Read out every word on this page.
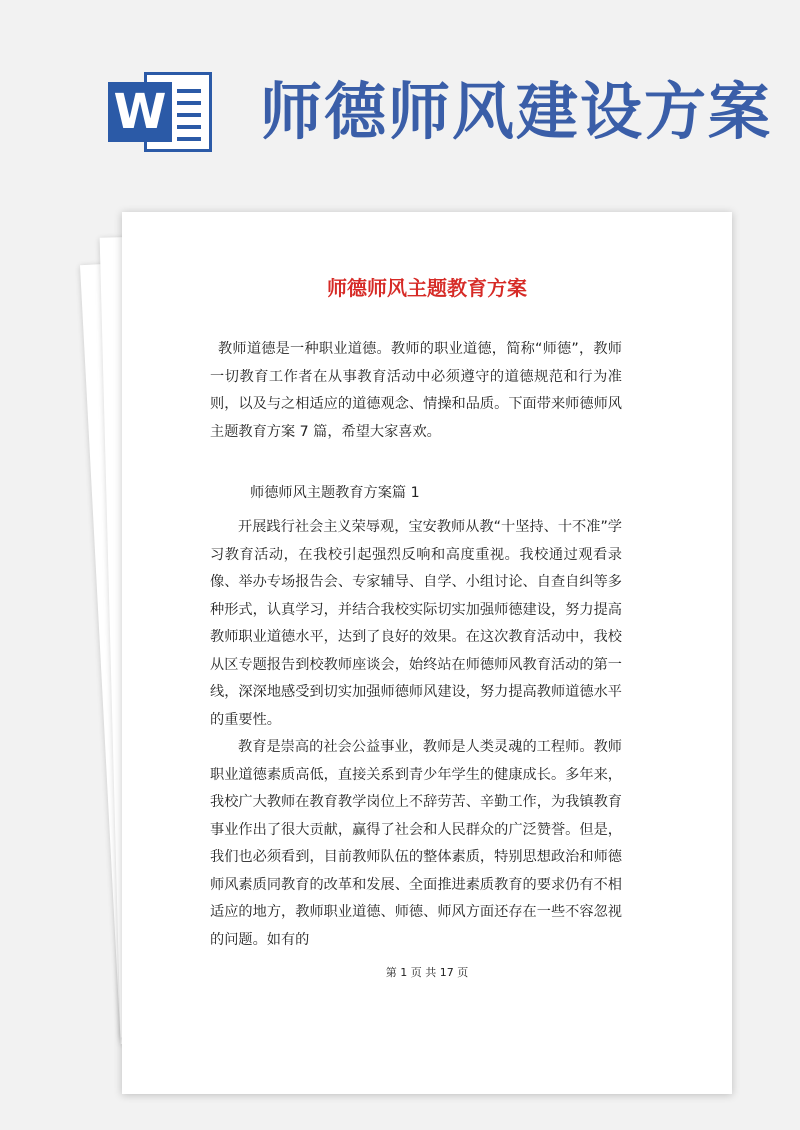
W 师德师风建设方案
师德师风主题教育方案
教师道德是一种职业道德。教师的职业道德，简称“师德”，教师一切教育工作者在从事教育活动中必须遵守的道德规范和行为准则，以及与之相适应的道德观念、情操和品质。下面带来师德师风主题教育方案 7 篇，希望大家喜欢。
师德师风主题教育方案篇 1
开展践行社会主义荣辱观，宝安教师从教“十坚持、十不准”学习教育活动，在我校引起强烈反响和高度重视。我校通过观看录像、举办专场报告会、专家辅导、自学、小组讨论、自查自纠等多种形式，认真学习，并结合我校实际切实加强师德建设，努力提高教师职业道德水平，达到了良好的效果。在这次教育活动中，我校从区专题报告到校教师座谈会，始终站在师德师风教育活动的第一线，深深地感受到切实加强师德师风建设，努力提高教师道德水平的重要性。
教育是崇高的社会公益事业，教师是人类灵魂的工程师。教师职业道德素质高低，直接关系到青少年学生的健康成长。多年来，我校广大教师在教育教学岗位上不辞劳苦、辛勤工作，为我镇教育事业作出了很大贡献，赢得了社会和人民群众的广泛赞誉。但是，我们也必须看到，目前教师队伍的整体素质，特别思想政治和师德师风素质同教育的改革和发展、全面推进素质教育的要求仍有不相适应的地方，教师职业道德、师德、师风方面还存在一些不容忽视的问题。如有的
第 1 页 共 17 页
